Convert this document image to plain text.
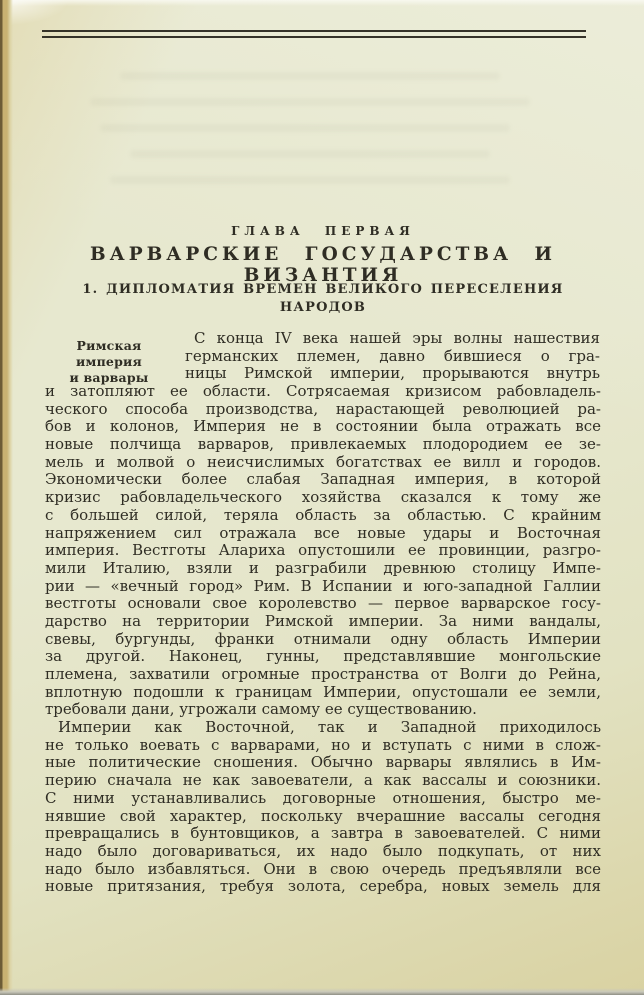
ГЛАВА ПЕРВАЯ
ВАРВАРСКИЕ ГОСУДАРСТВА И ВИЗАНТИЯ
1. ДИПЛОМАТИЯ ВРЕМЕН ВЕЛИКОГО ПЕРЕСЕЛЕНИЯ
НАРОДОВ
Римская империя
и варвары
С конца IV века нашей эры волны нашествия
германских племен, давно бившиеся о гра-
ницы Римской империи, прорываются внутрь
и затопляют ее области. Сотрясаемая кризисом рабовладель-
ческого способа производства, нарастающей революцией ра-
бов и колонов, Империя не в состоянии была отражать все
новые полчища варваров, привлекаемых плодородием ее зе-
мель и молвой о неисчислимых богатствах ее вилл и городов.
Экономически более слабая Западная империя, в которой
кризис рабовладельческого хозяйства сказался к тому же
с большей силой, теряла область за областью. С крайним
напряжением сил отражала все новые удары и Восточная
империя. Вестготы Алариха опустошили ее провинции, разгро-
мили Италию, взяли и разграбили древнюю столицу Импе-
рии — «вечный город» Рим. В Испании и юго-западной Галлии
вестготы основали свое королевство — первое варварское госу-
дарство на территории Римской империи. За ними вандалы,
свевы, бургунды, франки отнимали одну область Империи
за другой. Наконец, гунны, представлявшие монгольские
племена, захватили огромные пространства от Волги до Рейна,
вплотную подошли к границам Империи, опустошали ее земли,
требовали дани, угрожали самому ее существованию.
Империи как Восточной, так и Западной приходилось
не только воевать с варварами, но и вступать с ними в слож-
ные политические сношения. Обычно варвары являлись в Им-
перию сначала не как завоеватели, а как вассалы и союзники.
С ними устанавливались договорные отношения, быстро ме-
нявшие свой характер, поскольку вчерашние вассалы сегодня
превращались в бунтовщиков, а завтра в завоевателей. С ними
надо было договариваться, их надо было подкупать, от них
надо было избавляться. Они в свою очередь предъявляли все
новые притязания, требуя золота, серебра, новых земель для
